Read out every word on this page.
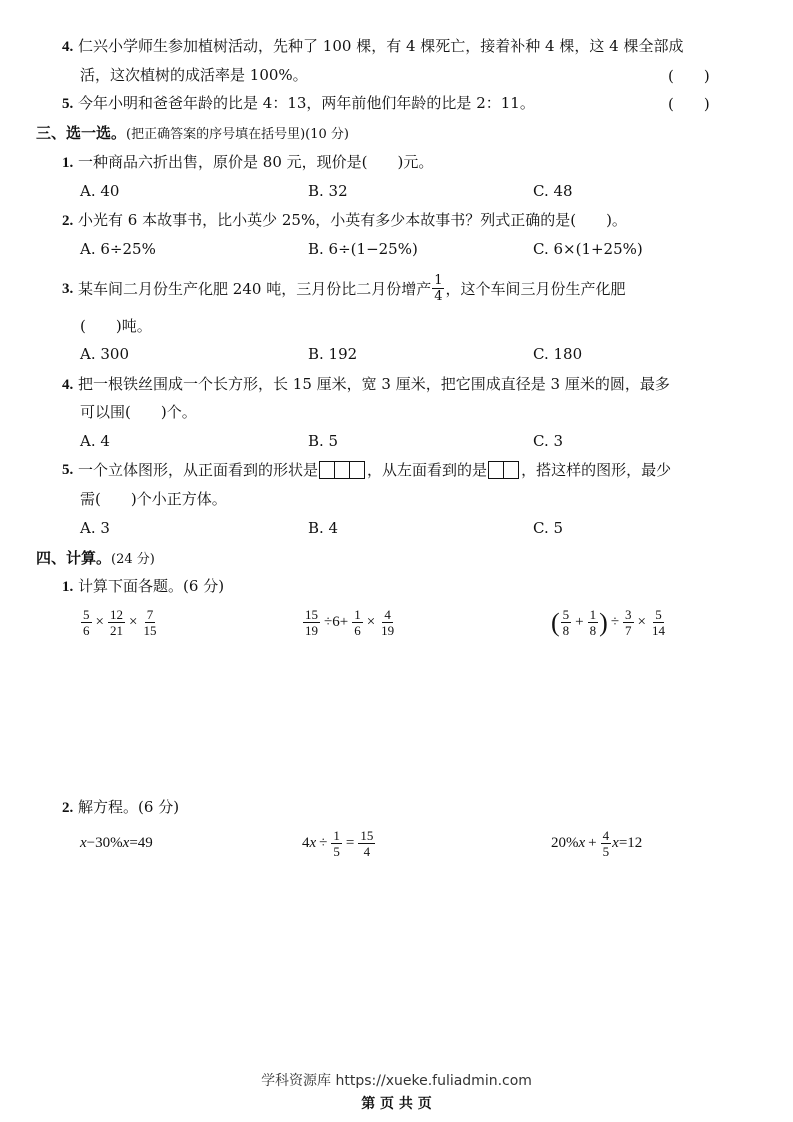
4. 仁兴小学师生参加植树活动，先种了 100 棵，有 4 棵死亡，接着补种 4 棵，这 4 棵全部成
活，这次植树的成活率是 100%。	(　　)
5. 今年小明和爸爸年龄的比是 4：13，两年前他们年龄的比是 2：11。	(　　)
三、选一选。(把正确答案的序号填在括号里)(10 分)
1. 一种商品六折出售，原价是 80 元，现价是(　　)元。
A. 40	B. 32	C. 48
2. 小光有 6 本故事书，比小英少 25%，小英有多少本故事书？列式正确的是(　　)。
A. 6÷25%	B. 6÷(1−25%)	C. 6×(1+25%)
3.
某车间二月份生产化肥 240 吨，三月份比二月份增产 $\frac{1}{4}$ ，这个车间三月份生产化肥
(　　)吨。
A. 300	B. 192	C. 180
4. 把一根铁丝围成一个长方形，长 15 厘米，宽 3 厘米，把它围成直径是 3 厘米的圆，最多
可以围(　　)个。
A. 4	B. 5	C. 3
5.
一个立体图形，从正面看到的形状是	，从左面看到的是 ，搭这样的图形，最少
需(　　)个小正方体。
A. 3	B. 4	C. 5
四、计算。(24 分)
1. 计算下面各题。(6 分)
$\frac{5}{6} \times \frac{12}{21} \times \frac{7}{15}$	$\frac{15}{19} \div 6+ \frac{1}{6} \times \frac{4}{19}$	( $\frac{5}{8} + \frac{1}{8}$ ) ÷ $\frac{3}{7} \times \frac{5}{14}$
2. 解方程。(6 分)
x −30% x =49	4 $x \div \frac{1}{5} = \frac{15}{4}$	20% $x + \frac{4}{5}$ x =12
学科资源库 https://xueke.fuliadmin.com
第 页 共 页
